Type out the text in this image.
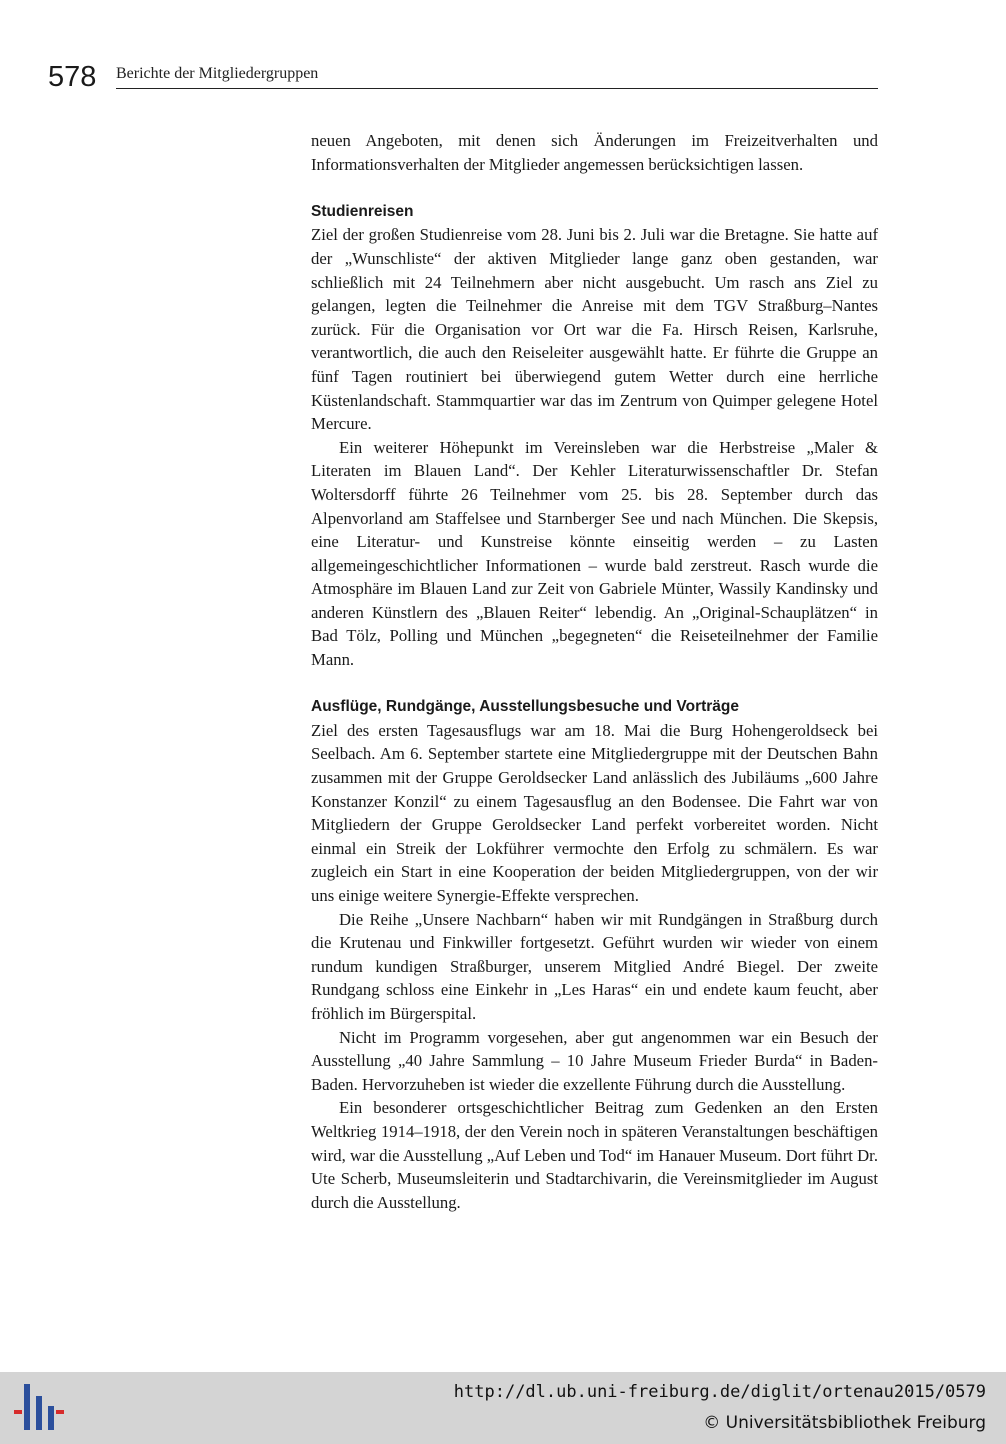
578 Berichte der Mitgliedergruppen

neuen Angeboten, mit denen sich Änderungen im Freizeitverhalten und Informationsverhalten der Mitglieder angemessen berücksichtigen lassen.

Studienreisen

Ziel der großen Studienreise vom 28. Juni bis 2. Juli war die Bretagne. Sie hatte auf der „Wunschliste“ der aktiven Mitglieder lange ganz oben gestanden, war schließlich mit 24 Teilnehmern aber nicht ausgebucht. Um rasch ans Ziel zu gelangen, legten die Teilnehmer die Anreise mit dem TGV Straßburg–Nantes zurück. Für die Organisation vor Ort war die Fa. Hirsch Reisen, Karlsruhe, verantwortlich, die auch den Reiseleiter ausgewählt hatte. Er führte die Gruppe an fünf Tagen routiniert bei überwiegend gutem Wetter durch eine herrliche Küstenlandschaft. Stammquartier war das im Zentrum von Quimper gelegene Hotel Mercure.

Ein weiterer Höhepunkt im Vereinsleben war die Herbstreise „Maler & Literaten im Blauen Land“. Der Kehler Literaturwissenschaftler Dr. Stefan Woltersdorff führte 26 Teilnehmer vom 25. bis 28. September durch das Alpenvorland am Staffelsee und Starnberger See und nach München. Die Skepsis, eine Literatur- und Kunstreise könnte einseitig werden – zu Lasten allgemeingeschichtlicher Informationen – wurde bald zerstreut. Rasch wurde die Atmosphäre im Blauen Land zur Zeit von Gabriele Münter, Wassily Kandinsky und anderen Künstlern des „Blauen Reiter“ lebendig. An „Original-Schauplätzen“ in Bad Tölz, Polling und München „begegneten“ die Reiseteilnehmer der Familie Mann.

Ausflüge, Rundgänge, Ausstellungsbesuche und Vorträge

Ziel des ersten Tagesausflugs war am 18. Mai die Burg Hohengeroldseck bei Seelbach. Am 6. September startete eine Mitgliedergruppe mit der Deutschen Bahn zusammen mit der Gruppe Geroldsecker Land anlässlich des Jubiläums „600 Jahre Konstanzer Konzil“ zu einem Tagesausflug an den Bodensee. Die Fahrt war von Mitgliedern der Gruppe Geroldsecker Land perfekt vorbereitet worden. Nicht einmal ein Streik der Lokführer vermochte den Erfolg zu schmälern. Es war zugleich ein Start in eine Kooperation der beiden Mitgliedergruppen, von der wir uns einige weitere Synergie-Effekte versprechen.

Die Reihe „Unsere Nachbarn“ haben wir mit Rundgängen in Straßburg durch die Krutenau und Finkwiller fortgesetzt. Geführt wurden wir wieder von einem rundum kundigen Straßburger, unserem Mitglied André Biegel. Der zweite Rundgang schloss eine Einkehr in „Les Haras“ ein und endete kaum feucht, aber fröhlich im Bürgerspital.

Nicht im Programm vorgesehen, aber gut angenommen war ein Besuch der Ausstellung „40 Jahre Sammlung – 10 Jahre Museum Frieder Burda“ in Baden-Baden. Hervorzuheben ist wieder die exzellente Führung durch die Ausstellung.

Ein besonderer ortsgeschichtlicher Beitrag zum Gedenken an den Ersten Weltkrieg 1914–1918, der den Verein noch in späteren Veranstaltungen beschäftigen wird, war die Ausstellung „Auf Leben und Tod“ im Hanauer Museum. Dort führt Dr. Ute Scherb, Museumsleiterin und Stadtarchivarin, die Vereinsmitglieder im August durch die Ausstellung.

http://dl.ub.uni-freiburg.de/diglit/ortenau2015/0579
© Universitätsbibliothek Freiburg
